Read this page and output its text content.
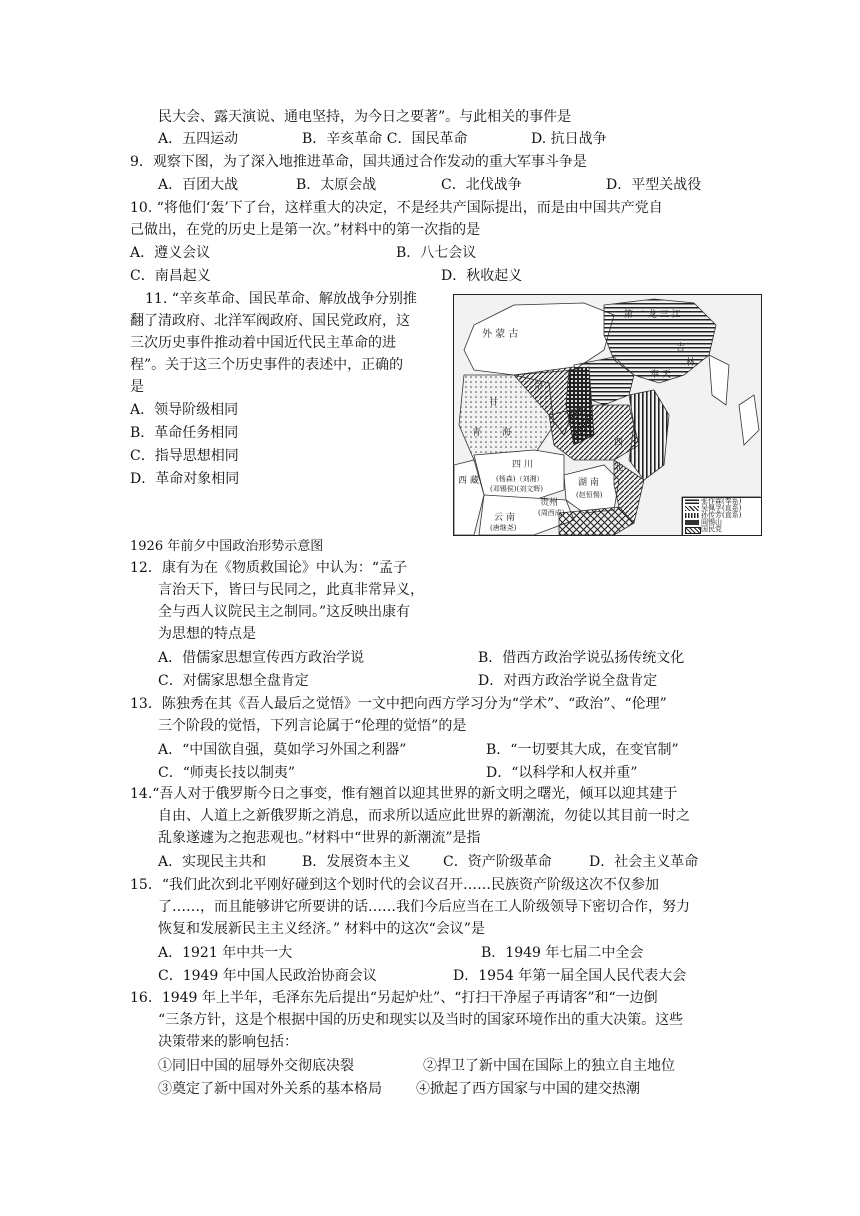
民大会、露天演说、通电坚持，为今日之要著”。与此相关的事件是
A．五四运动	B．辛亥革命 C．国民革命	D. 抗日战争
9．观察下图，为了深入地推进革命，国共通过合作发动的重大军事斗争是
A．百团大战	B．太原会战	C．北伐战争	D．平型关战役
10. “将他们‘轰’下了台，这样重大的决定，不是经共产国际提出，而是由中国共产党自
己做出，在党的历史上是第一次。”材料中的第一次指的是
A．遵义会议	B．八七会议
C．南昌起义	D．秋收起义
11. “辛亥革命、国民革命、解放战争分别推
翻了清政府、北洋军阀政府、国民党政府，这
三次历史事件推动着中国近代民主革命的进
程”。关于这三个历史事件的表述中，正确的
是
A．领导阶级相同
B．革命任务相同
C．指导思想相同
D．革命对象相同
外 蒙 古
第 二 龙 三 江
吉
林
奉 天
宁
甘
青 海
西
北
四 川
(杨森)（刘湘）
(邓锡侯)(刘文辉)
西 藏	湖 南
(赵恒惕)
贵州
(周西成)
云 南
(唐继尧)
张作霖(奉系)
吴佩孚(直系)
孙传芳(直系)
阎锡山
国民党
1926 年前夕中国政治形势示意图
12．康有为在《物质救国论》中认为：“孟子
言治天下，皆曰与民同之，此真非常异义，
全与西人议院民主之制同。”这反映出康有
为思想的特点是
A．借儒家思想宣传西方政治学说	B．借西方政治学说弘扬传统文化
C．对儒家思想全盘肯定	D．对西方政治学说全盘肯定
13．陈独秀在其《吾人最后之觉悟》一文中把向西方学习分为“学术”、“政治”、“伦理”
三个阶段的觉悟，下列言论属于“伦理的觉悟”的是
A．“中国欲自强，莫如学习外国之利器”	B．“一切要其大成，在变官制”
C．“师夷长技以制夷”	D．“以科学和人权并重”
14.“吾人对于俄罗斯今日之事变，惟有翘首以迎其世界的新文明之曙光，倾耳以迎其建于
自由、人道上之新俄罗斯之消息，而求所以适应此世界的新潮流，勿徒以其目前一时之
乱象遂遽为之抱悲观也。”材料中“世界的新潮流”是指
A．实现民主共和	B．发展资本主义 C．资产阶级革命	D．社会主义革命
15．“我们此次到北平刚好碰到这个划时代的会议召开……民族资产阶级这次不仅参加
了……，而且能够讲它所要讲的话……我们今后应当在工人阶级领导下密切合作，努力
恢复和发展新民主主义经济。” 材料中的这次“会议”是
A．1921 年中共一大	B．1949 年七届二中全会
C．1949 年中国人民政治协商会议	D．1954 年第一届全国人民代表大会
16．1949 年上半年，毛泽东先后提出“另起炉灶”、“打扫干净屋子再请客”和“一边倒
“三条方针，这是个根据中国的历史和现实以及当时的国家环境作出的重大决策。这些
决策带来的影响包括：
①同旧中国的屈辱外交彻底决裂	②捍卫了新中国在国际上的独立自主地位
③奠定了新中国对外关系的基本格局 ④掀起了西方国家与中国的建交热潮
